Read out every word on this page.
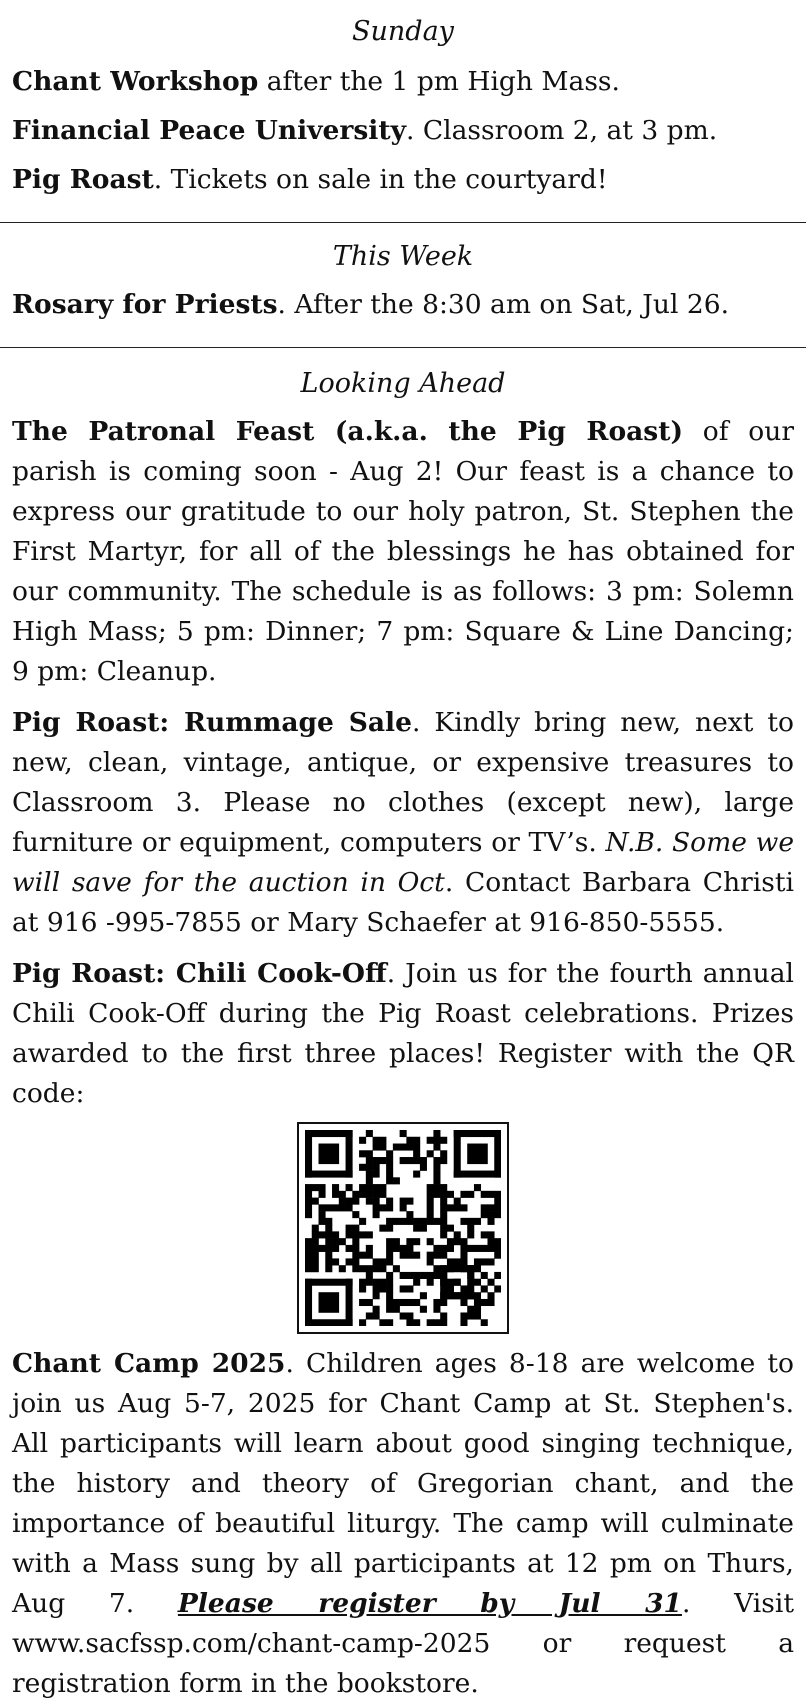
Sunday

Chant Workshop after the 1 pm High Mass.

Financial Peace University. Classroom 2, at 3 pm.

Pig Roast. Tickets on sale in the courtyard!

This Week

Rosary for Priests. After the 8:30 am on Sat, Jul 26.

Looking Ahead

The Patronal Feast (a.k.a. the Pig Roast) of our parish is coming soon - Aug 2! Our feast is a chance to express our gratitude to our holy patron, St. Stephen the First Martyr, for all of the blessings he has obtained for our community. The schedule is as follows: 3 pm: Solemn High Mass; 5 pm: Dinner; 7 pm: Square & Line Dancing; 9 pm: Cleanup.

Pig Roast: Rummage Sale. Kindly bring new, next to new, clean, vintage, antique, or expensive treasures to Classroom 3. Please no clothes (except new), large furniture or equipment, computers or TV’s. N.B. Some we will save for the auction in Oct. Contact Barbara Christi at 916 -995-7855 or Mary Schaefer at 916-850-5555.

Pig Roast: Chili Cook-Off. Join us for the fourth annual Chili Cook-Off during the Pig Roast celebrations. Prizes awarded to the first three places! Register with the QR code:

Chant Camp 2025. Children ages 8-18 are welcome to join us Aug 5-7, 2025 for Chant Camp at St. Stephen's. All participants will learn about good singing technique, the history and theory of Gregorian chant, and the importance of beautiful liturgy. The camp will culminate with a Mass sung by all participants at 12 pm on Thurs, Aug 7. Please register by Jul 31. Visit www.sacfssp.com/chant-camp-2025 or request a registration form in the bookstore.
